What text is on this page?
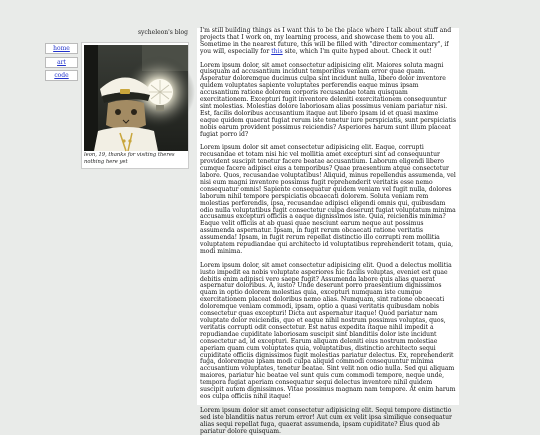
sycheleon's blog
home
art
code
leon, 19, thanks for visiting theres nothing here yet

I'm still building things as I want this to be the place where I talk about stuff and projects that I work on, my learning process, and showcase them to you all. Sometime in the nearest future, this will be filled with "director commentary", if you will, especially for this site, which I'm quite hyped about. Check it out!

Lorem ipsum dolor, sit amet consectetur adipisicing elit. Maiores soluta magni quisquam ad accusantium incidunt temporibus veniam error quae quam. Asperatur doloremque ducimus culpa sint incidunt nulla, libero dolor inventore quidem voluptates sapiente voluptates perferendis eaque minus ipsam accusantium ratione dolorem corporis recusandae totam quisquam exercitationem. Excepturi fugit inventore deleniti exercitationem consequuntur sint molestias. Molestias dolore laboriosam alias possimus veniam pariatur nisi. Est, facilis doloribus accusantium itaque aut libero ipsam id et quasi maxime eaque quidem quaerat fugiat rerum iste tenetur iure perspiciatis, sunt perspiciatis nobis earum provident possimus reiciendis? Asperiores harum sunt illum placeat fugiat porro id?

Lorem ipsum dolor sit amet consectetur adipisicing elit. Eaque, corrupti recusandae et totam nisi hic vel mollitia amet excepturi sint ad consequuntur provident suscipit tenetur facere beatae accusantium. Laborum eligendi libero cumque facere adipisci eius a temporibus? Quae praesentium atque consectetur labore. Quos, recusandae voluptatibus! Aliquid, minus repellendus assumenda, vel nisi eum magni inventore possimus fugit reprehenderit veritatis esse nemo consequatur omnis! Sapiente consequatur quidem veniam vel fugit nulla, dolores laborum nihil tempore perspiciatis obcaecati dolorem. Soluta veniam rem molestias perferendis, ipsa, recusandae adipisci eligendi omnis qui, quibusdam odio nulla voluptatibus fugit consectetur culpa deserunt fugiat voluptatum minima accusamus excepturi officiis a eaque dignissimos iste. Quia, reiciendis minima? Eaque velit officiis at ab quasi quae nesciunt earum neque aut possimus assumenda aspernatur. Ipsam, in fugit rerum obcaecati ratione veritatis assumenda! Ipsam, in fugit rerum repellat distinctio illo corrupti rem mollitia voluptatem repudiandae qui architecto id voluptatibus reprehenderit totam, quia, modi minima.

Lorem ipsum dolor, sit amet consectetur adipisicing elit. Quod a delectus mollitia iusto impedit ea nobis voluptate asperiores hic facilis voluptas, eveniet est quae debitis enim adipisci vero saepe fugit? Assumenda labore quis alias quaerat aspernatur doloribus. A, iusto? Unde deserunt porro praesentium dignissimos quam in optio dolorem molestias quia, excepturi numquam iste cumque exercitationem placeat doloribus nemo alias. Numquam, sint ratione obcaecati doloremque veniam commodi, ipsam, optio a quasi veritatis quibusdam nobis consectetur quas excepturi! Dicta aut aspernatur itaque! Quod pariatur nam voluptate dolor reiciendis, quo et eaque nihil nostrum possimus voluptas, quos, veritatis corrupti odit consectetur. Est natus expedita itaque nihil impedit a repudiandae cupiditate laboriosam suscipit sint blanditiis dolor iste incidunt consectetur ad, id excepturi. Earum aliquam deleniti eius nostrum molestiae aperiam quam cum voluptates quia, voluptatibus, distinctio architecto sequi cupiditate officiis dignissimos fugit molestias pariatur delectus. Ex, reprehenderit fuga, doloremque ipsam modi culpa aliquid commodi consequuntur minima accusantium voluptates, tenetur beatae. Sint velit non odio nulla. Sed qui aliquam maiores, pariatur hic beatae vel sunt quis cum commodi tempore, neque unde, tempora fugiat aperiam consequatur sequi delectus inventore nihil quidem suscipit autem dignissimos. Vitae possimus magnam nam tempore. At enim harum eos culpa officiis nihil itaque!

Lorem ipsum dolor sit amet consectetur adipisicing elit. Sequi tempore distinctio sed iste blanditiis natus rerum error! Aut cum ex velit ipsa similique consequatur alias sequi repellat fuga, quaerat assumenda, ipsam cupiditate? Eius quod ab pariatur dolore quisquam.
